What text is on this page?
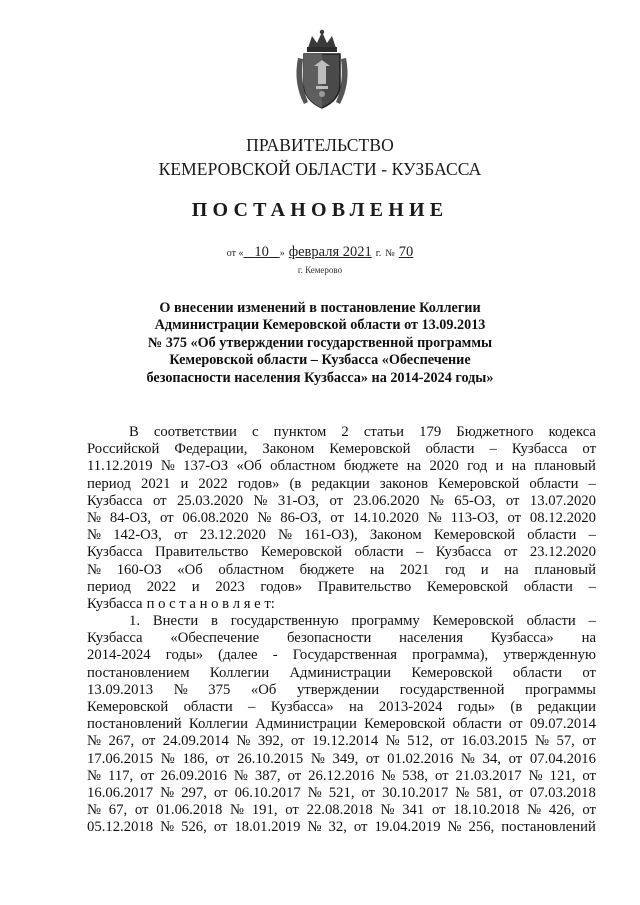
ПРАВИТЕЛЬСТВО
КЕМЕРОВСКОЙ ОБЛАСТИ - КУЗБАССА
ПОСТАНОВЛЕНИЕ
от « 10 » февраля 2021 г. № 70
г. Кемерово
О внесении изменений в постановление Коллегии
Администрации Кемеровской области от 13.09.2013
№ 375 «Об утверждении государственной программы
Кемеровской области – Кузбасса «Обеспечение
безопасности населения Кузбасса» на 2014-2024 годы»
В соответствии с пунктом 2 статьи 179 Бюджетного кодекса
Российской Федерации, Законом Кемеровской области – Кузбасса от
11.12.2019 № 137-ОЗ «Об областном бюджете на 2020 год и на плановый
период 2021 и 2022 годов» (в редакции законов Кемеровской области –
Кузбасса от 25.03.2020 № 31-ОЗ, от 23.06.2020 № 65-ОЗ, от 13.07.2020
№ 84-ОЗ, от 06.08.2020 № 86-ОЗ, от 14.10.2020 № 113-ОЗ, от 08.12.2020
№ 142-ОЗ, от 23.12.2020 № 161-ОЗ), Законом Кемеровской области –
Кузбасса Правительство Кемеровской области – Кузбасса от 23.12.2020
№ 160-ОЗ «Об областном бюджете на 2021 год и на плановый
период 2022 и 2023 годов» Правительство Кемеровской области –
Кузбасса п о с т а н о в л я е т:
1. Внести в государственную программу Кемеровской области –
Кузбасса «Обеспечение безопасности населения Кузбасса» на
2014-2024 годы» (далее - Государственная программа), утвержденную
постановлением Коллегии Администрации Кемеровской области от
13.09.2013 № 375 «Об утверждении государственной программы
Кемеровской области – Кузбасса» на 2013-2024 годы» (в редакции
постановлений Коллегии Администрации Кемеровской области от 09.07.2014
№ 267, от 24.09.2014 № 392, от 19.12.2014 № 512, от 16.03.2015 № 57, от
17.06.2015 № 186, от 26.10.2015 № 349, от 01.02.2016 № 34, от 07.04.2016
№ 117, от 26.09.2016 № 387, от 26.12.2016 № 538, от 21.03.2017 № 121, от
16.06.2017 № 297, от 06.10.2017 № 521, от 30.10.2017 № 581, от 07.03.2018
№ 67, от 01.06.2018 № 191, от 22.08.2018 № 341 от 18.10.2018 № 426, от
05.12.2018 № 526, от 18.01.2019 № 32, от 19.04.2019 № 256, постановлений
